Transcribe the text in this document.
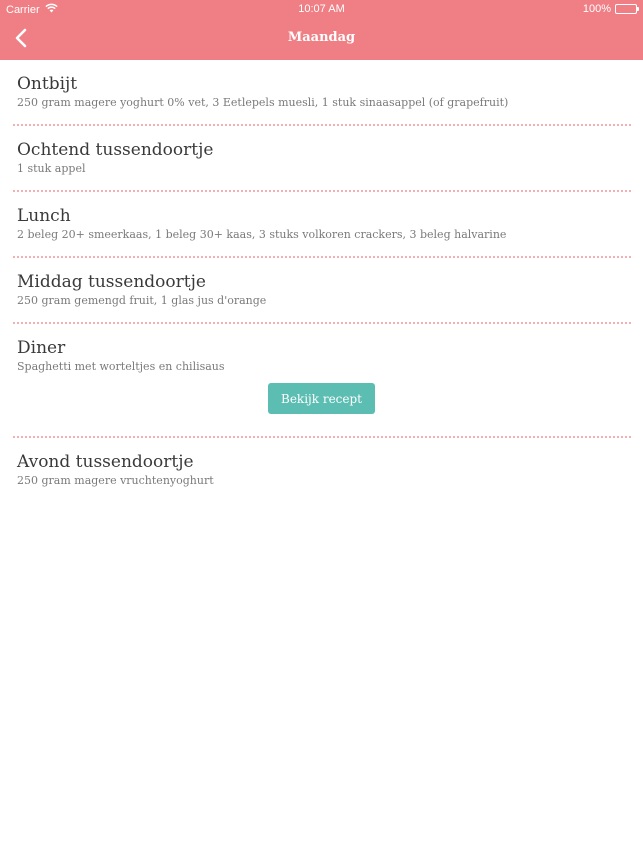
Carrier	10:07 AM	100%
Maandag
Ontbijt
250 gram magere yoghurt 0% vet, 3 Eetlepels muesli, 1 stuk sinaasappel (of grapefruit)
Ochtend tussendoortje
1 stuk appel
Lunch
2 beleg 20+ smeerkaas, 1 beleg 30+ kaas, 3 stuks volkoren crackers, 3 beleg halvarine
Middag tussendoortje
250 gram gemengd fruit, 1 glas jus d'orange
Diner
Spaghetti met worteltjes en chilisaus
Bekijk recept
Avond tussendoortje
250 gram magere vruchtenyoghurt
